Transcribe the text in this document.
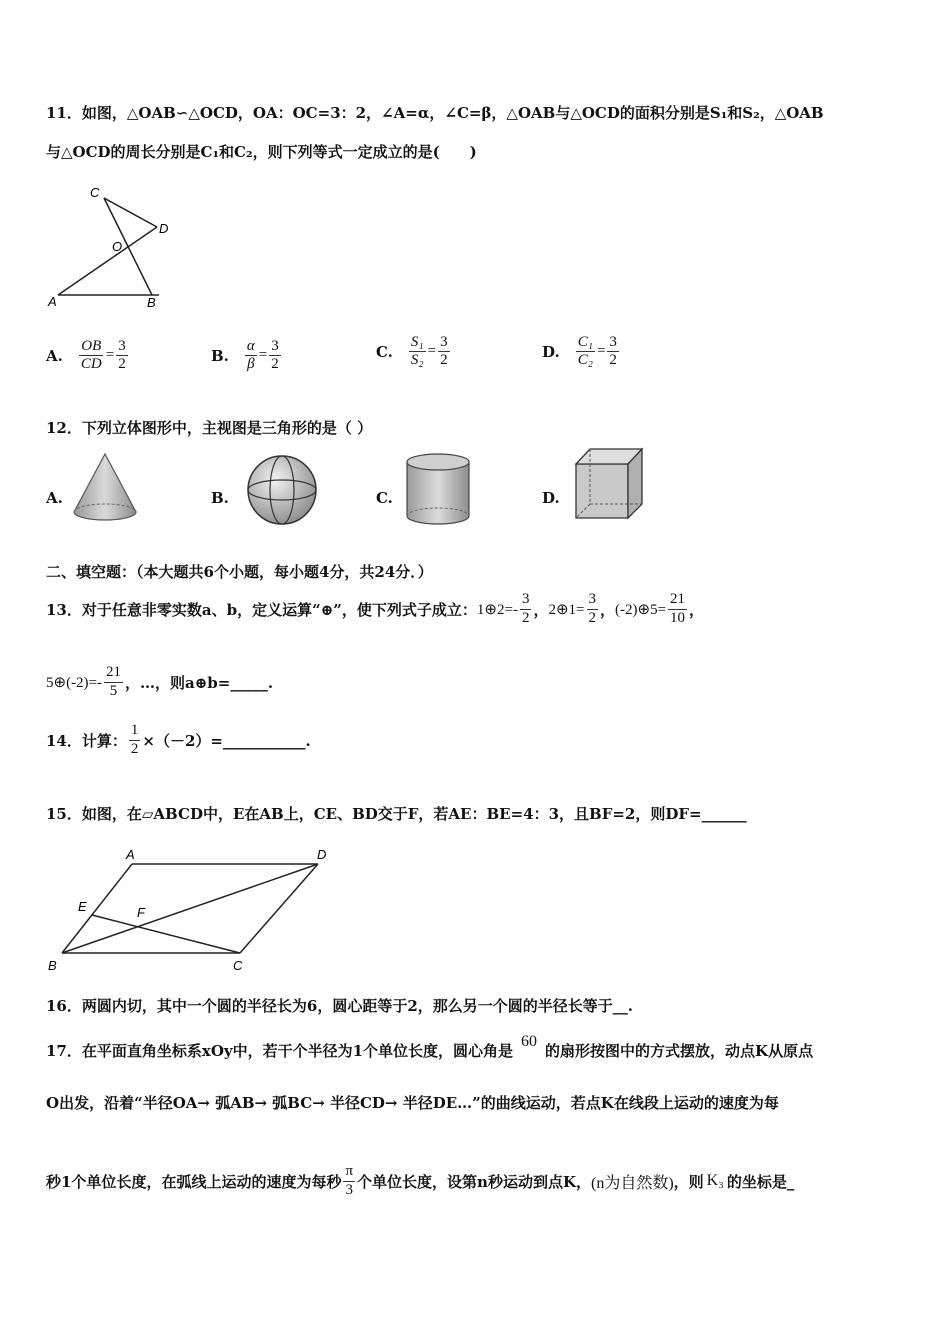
11．如图，△OAB∽△OCD，OA：OC=3：2，∠A=α，∠C=β，△OAB与△OCD的面积分别是S₁和S₂，△OAB
与△OCD的周长分别是C₁和C₂，则下列等式一定成立的是(　　)
C
D
O
A	B
A. $\frac{OB}{CD} = \frac{3}{2}$	B. $\frac{\alpha}{\beta} = \frac{3}{2}$	C. $\frac{\text{S₁}}{\text{S₂}} = \frac{3}{2}$	D. $\frac{\text{C₁}}{\text{C₂}} = \frac{3}{2}$
12．下列立体图形中，主视图是三角形的是（ ）
A.	B.	C.	D.
二、填空题：（本大题共6个小题，每小题4分，共24分．）
13．对于任意非零实数a、b，定义运算“⊕”，使下列式子成立： 1⊕2=- $\frac{3}{2}$ ， 2⊕1= $\frac{3}{2}$ ， (-2)⊕5= $\frac{21}{10}$ ，
5⊕(-2)=- $\frac{21}{5}$ ，…，则a⊕b=_____.
14．计算： $\frac{1}{2}$ ×（－2）=___________.
15．如图，在▱ABCD中，E在AB上，CE、BD交于F，若AE：BE=4：3，且BF=2，则DF=______
A	D
E	F
B	C
16．两圆内切，其中一个圆的半径长为6，圆心距等于2，那么另一个圆的半径长等于__.
17．在平面直角坐标系xOy中，若干个半径为1个单位长度，圆心角是 60 的扇形按图中的方式摆放，动点K从原点
O出发，沿着“半径OA→ 弧AB→ 弧BC→ 半径CD→ 半径DE…”的曲线运动，若点K在线段上运动的速度为每
秒1个单位长度，在弧线上运动的速度为每秒 $\frac{\pi}{3}$ 个单位长度，设第n秒运动到点K， (n为自然数) ，则 K₃ 的坐标是_
